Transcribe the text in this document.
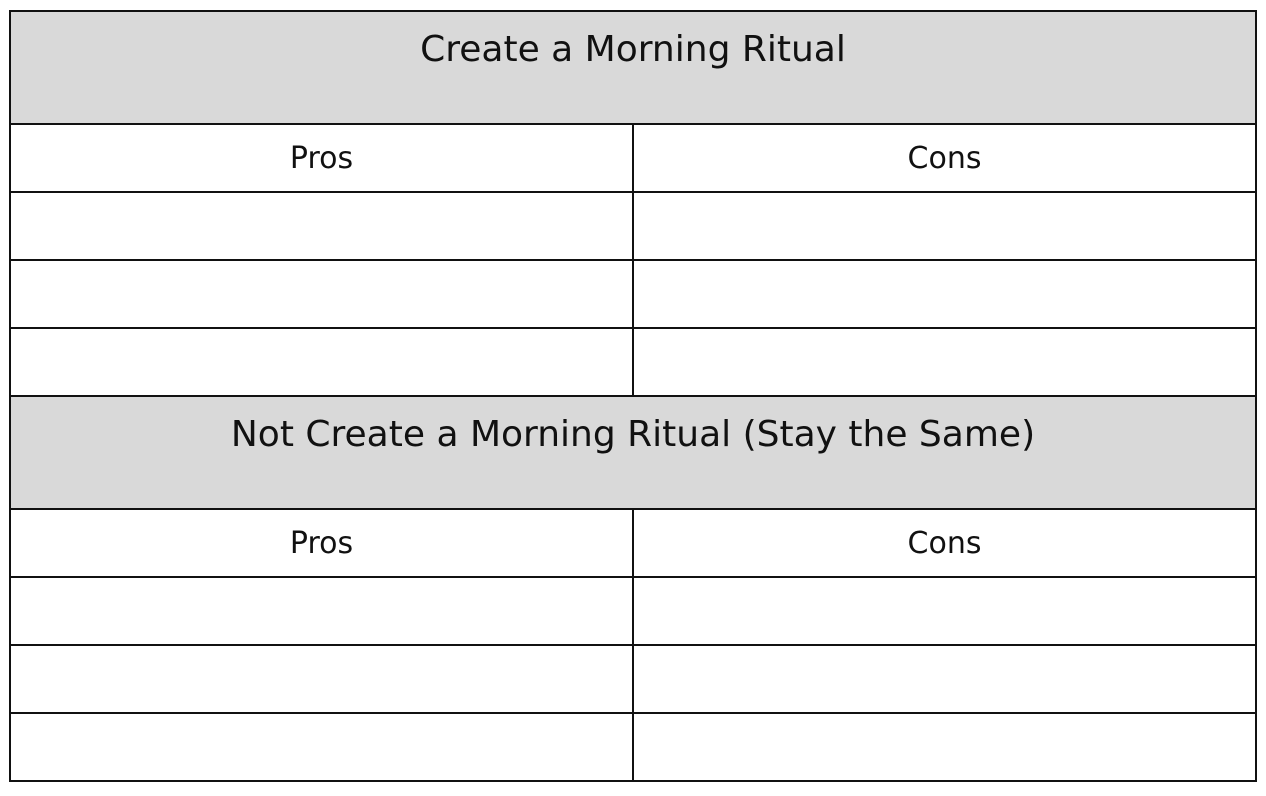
Create a Morning Ritual	
Pros	Cons

Not Create a Morning Ritual (Stay the Same)	
Pros	Cons
